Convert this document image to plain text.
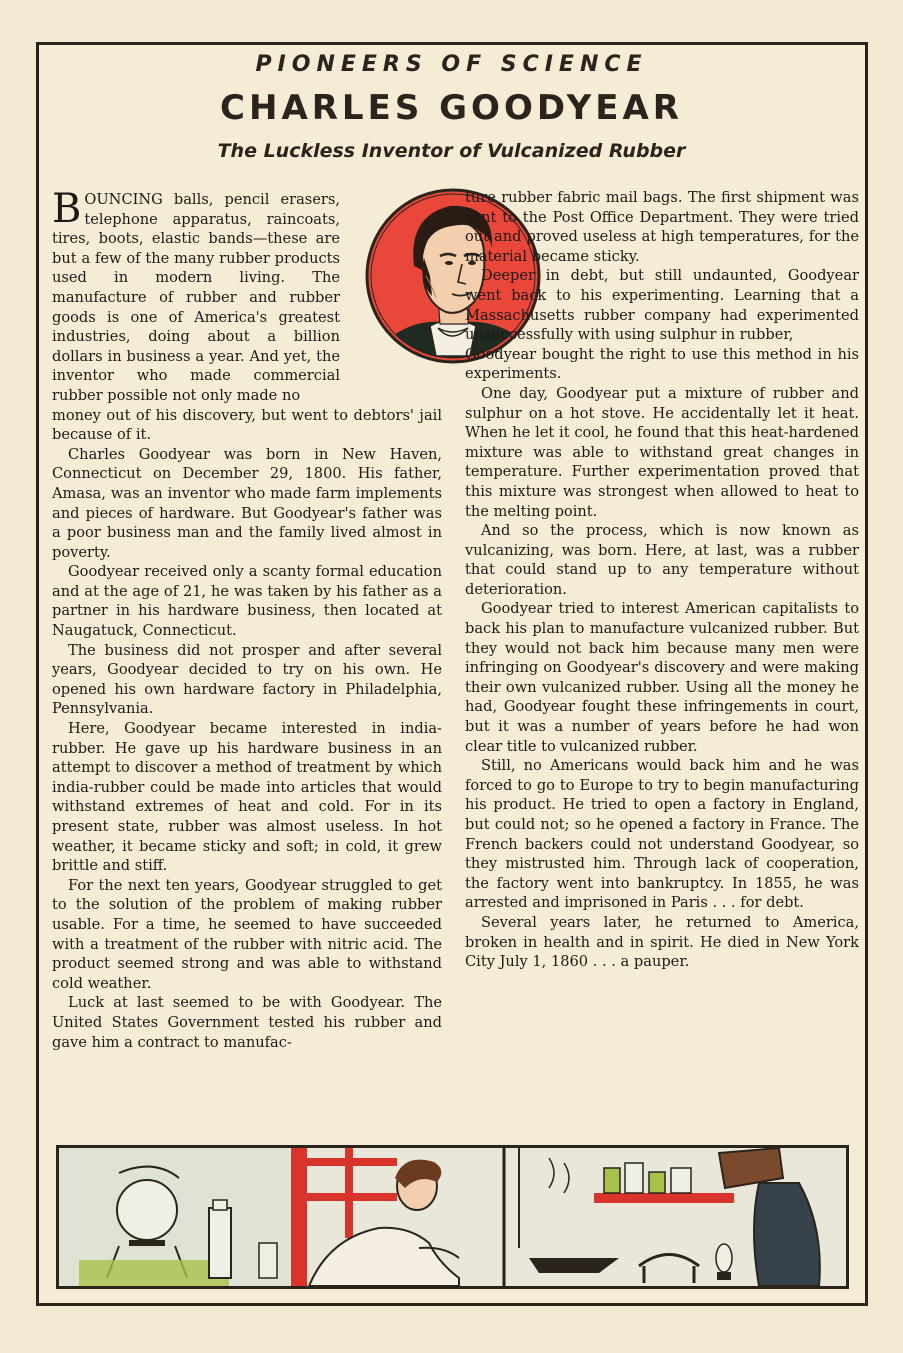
PIONEERS OF SCIENCE
CHARLES GOODYEAR
The Luckless Inventor of Vulcanized Rubber

BOUNCING balls, pencil erasers, telephone apparatus, raincoats, tires, boots, elastic bands—these are but a few of the many rubber products used in modern living. The manufacture of rubber and rubber goods is one of America's greatest industries, doing about a billion dollars in business a year. And yet, the inventor who made commercial rubber possible not only made no

money out of his discovery, but went to debtors' jail because of it.

Charles Goodyear was born in New Haven, Connecticut on December 29, 1800. His father, Amasa, was an inventor who made farm implements and pieces of hardware. But Goodyear's father was a poor business man and the family lived almost in poverty.

Goodyear received only a scanty formal education and at the age of 21, he was taken by his father as a partner in his hardware business, then located at Naugatuck, Connecticut.

The business did not prosper and after several years, Goodyear decided to try on his own. He opened his own hardware factory in Philadelphia, Pennsylvania.

Here, Goodyear became interested in india-rubber. He gave up his hardware business in an attempt to discover a method of treatment by which india-rubber could be made into articles that would withstand extremes of heat and cold. For in its present state, rubber was almost useless. In hot weather, it became sticky and soft; in cold, it grew brittle and stiff.

For the next ten years, Goodyear struggled to get to the solution of the problem of making rubber usable. For a time, he seemed to have succeeded with a treatment of the rubber with nitric acid. The product seemed strong and was able to withstand cold weather.

Luck at last seemed to be with Goodyear. The United States Government tested his rubber and gave him a contract to manufac-

ture rubber fabric mail bags. The first shipment was sent to the Post Office Department. They were tried out and proved useless at high temperatures, for the material became sticky.

Deeper in debt, but still undaunted, Goodyear went back to his experimenting. Learning that a Massachusetts rubber company had experimented unsuccessfully with using sulphur in rubber,

Goodyear bought the right to use this method in his experiments.

One day, Goodyear put a mixture of rubber and sulphur on a hot stove. He accidentally let it heat. When he let it cool, he found that this heat-hardened mixture was able to withstand great changes in temperature. Further experimentation proved that this mixture was strongest when allowed to heat to the melting point.

And so the process, which is now known as vulcanizing, was born. Here, at last, was a rubber that could stand up to any temperature without deterioration.

Goodyear tried to interest American capitalists to back his plan to manufacture vulcanized rubber. But they would not back him because many men were infringing on Goodyear's discovery and were making their own vulcanized rubber. Using all the money he had, Goodyear fought these infringements in court, but it was a number of years before he had won clear title to vulcanized rubber.

Still, no Americans would back him and he was forced to go to Europe to try to begin manufacturing his product. He tried to open a factory in England, but could not; so he opened a factory in France. The French backers could not understand Goodyear, so they mistrusted him. Through lack of cooperation, the factory went into bankruptcy. In 1855, he was arrested and imprisoned in Paris . . . for debt.

Several years later, he returned to America, broken in health and in spirit. He died in New York City July 1, 1860 . . . a pauper.
